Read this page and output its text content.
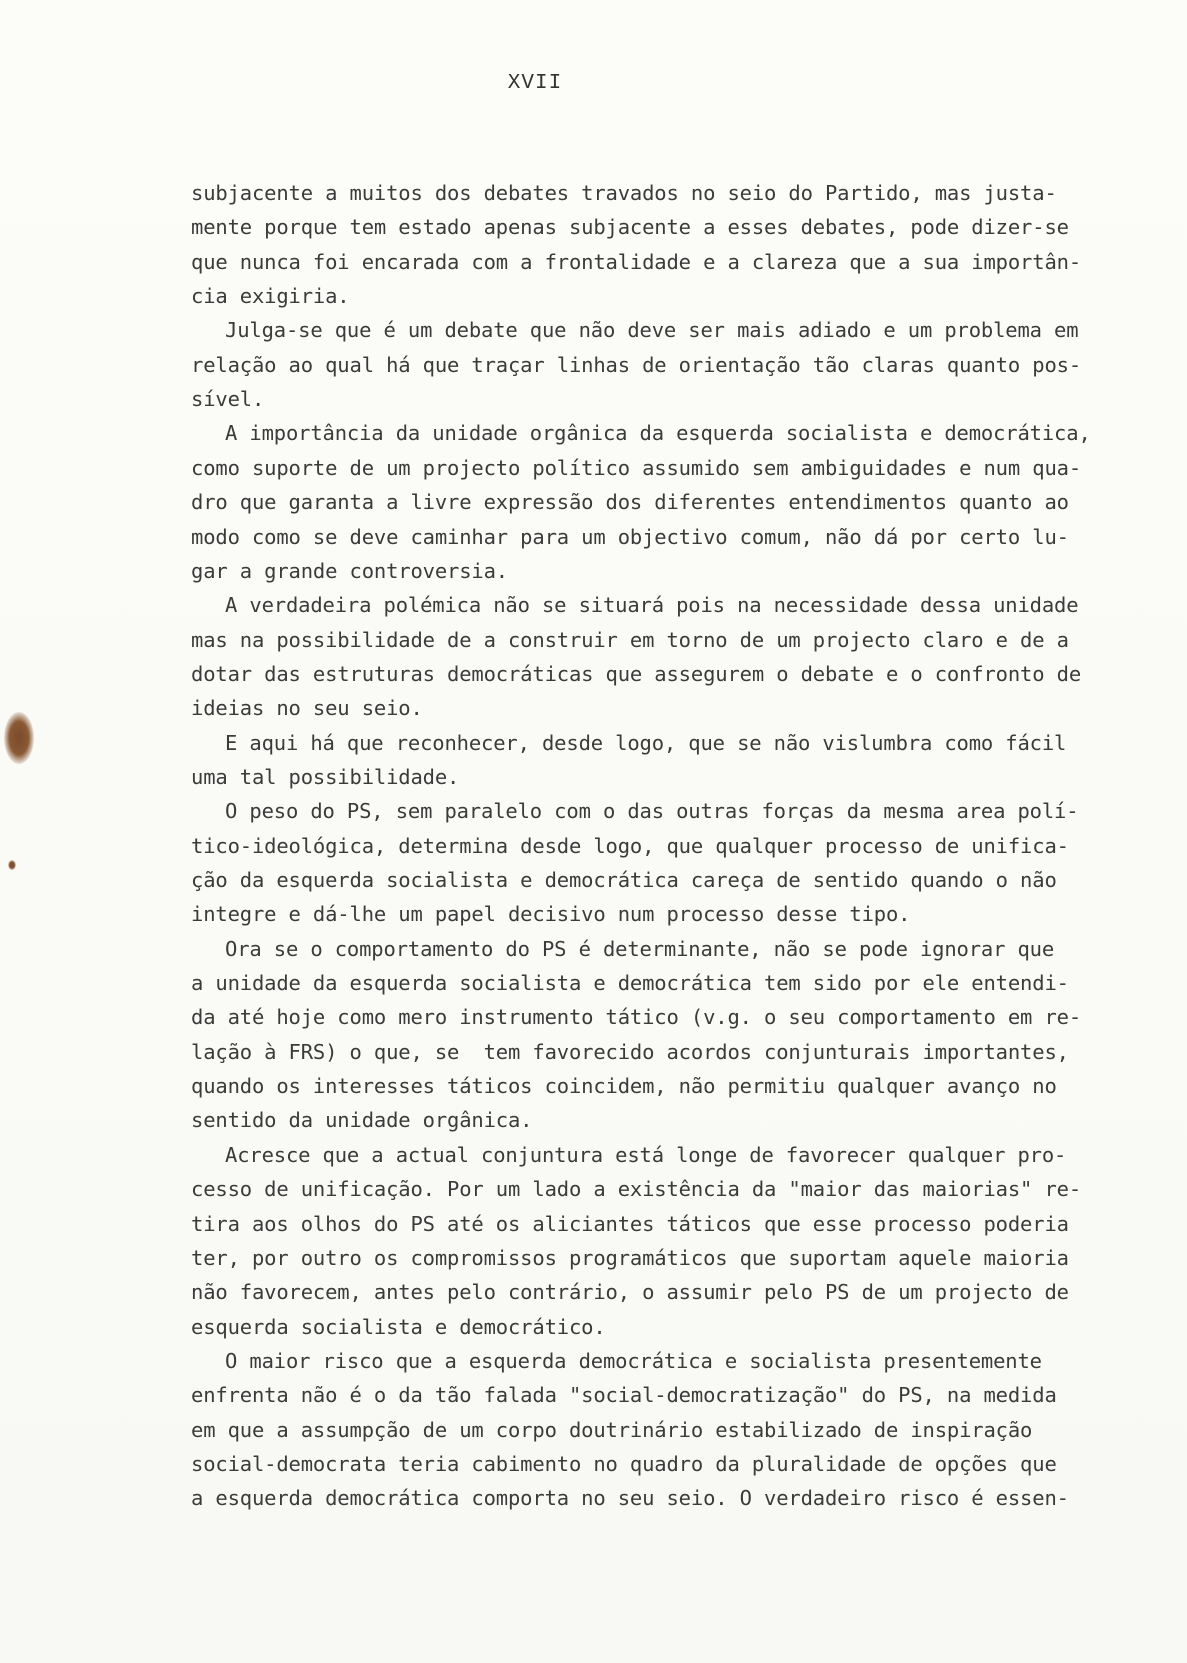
XVII
subjacente a muitos dos debates travados no seio do Partido, mas justa-
mente porque tem estado apenas subjacente a esses debates, pode dizer-se
que nunca foi encarada com a frontalidade e a clareza que a sua importân-
cia exigiria.
Julga-se que é um debate que não deve ser mais adiado e um problema em
relação ao qual há que traçar linhas de orientação tão claras quanto pos-
sível.
A importância da unidade orgânica da esquerda socialista e democrática,
como suporte de um projecto político assumido sem ambiguidades e num qua-
dro que garanta a livre expressão dos diferentes entendimentos quanto ao
modo como se deve caminhar para um objectivo comum, não dá por certo lu-
gar a grande controversia.
A verdadeira polémica não se situará pois na necessidade dessa unidade
mas na possibilidade de a construir em torno de um projecto claro e de a
dotar das estruturas democráticas que assegurem o debate e o confronto de
ideias no seu seio.
E aqui há que reconhecer, desde logo, que se não vislumbra como fácil
uma tal possibilidade.
O peso do PS, sem paralelo com o das outras forças da mesma area polí-
tico-ideológica, determina desde logo, que qualquer processo de unifica-
ção da esquerda socialista e democrática careça de sentido quando o não
integre e dá-lhe um papel decisivo num processo desse tipo.
Ora se o comportamento do PS é determinante, não se pode ignorar que
a unidade da esquerda socialista e democrática tem sido por ele entendi-
da até hoje como mero instrumento tático (v.g. o seu comportamento em re-
lação à FRS) o que, se  tem favorecido acordos conjunturais importantes,
quando os interesses táticos coincidem, não permitiu qualquer avanço no
sentido da unidade orgânica.
Acresce que a actual conjuntura está longe de favorecer qualquer pro-
cesso de unificação. Por um lado a existência da "maior das maiorias" re-
tira aos olhos do PS até os aliciantes táticos que esse processo poderia
ter, por outro os compromissos programáticos que suportam aquele maioria
não favorecem, antes pelo contrário, o assumir pelo PS de um projecto de
esquerda socialista e democrático.
O maior risco que a esquerda democrática e socialista presentemente
enfrenta não é o da tão falada "social-democratização" do PS, na medida
em que a assumpção de um corpo doutrinário estabilizado de inspiração
social-democrata teria cabimento no quadro da pluralidade de opções que
a esquerda democrática comporta no seu seio. O verdadeiro risco é essen-
